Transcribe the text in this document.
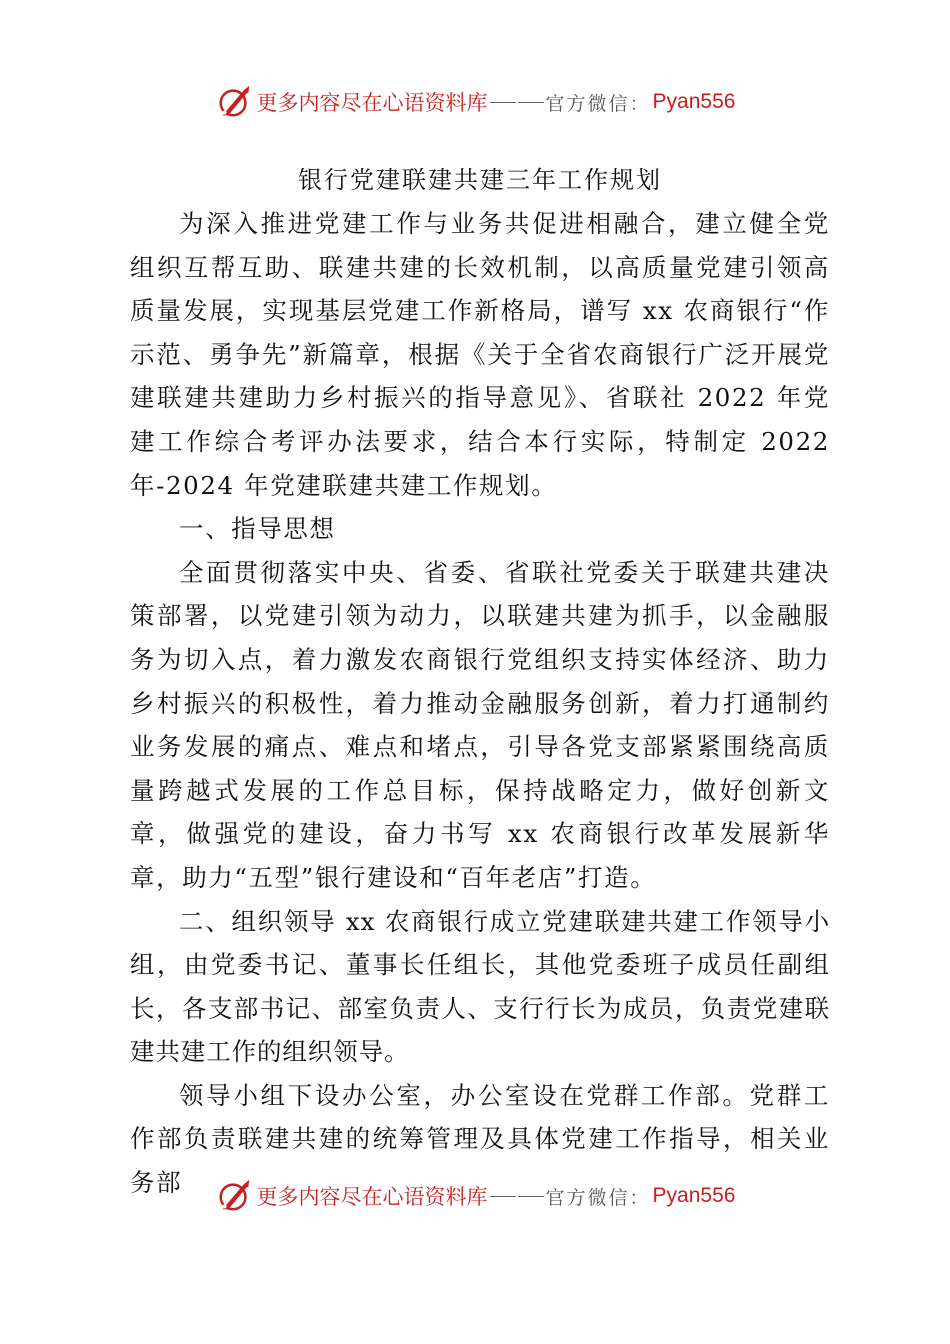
更多内容尽在心语资料库	官方微信： Pyan556
银行党建联建共建三年工作规划

为深入推进党建工作与业务共促进相融合，建立健全党组织互帮互助、联建共建的长效机制，以高质量党建引领高质量发展，实现基层党建工作新格局，谱写 xx 农商银行“作示范、勇争先”新篇章，根据《关于全省农商银行广泛开展党建联建共建助力乡村振兴的指导意见》、省联社 2022 年党建工作综合考评办法要求，结合本行实际，特制定 2022 年-2024 年党建联建共建工作规划。

一、指导思想

全面贯彻落实中央、省委、省联社党委关于联建共建决策部署，以党建引领为动力，以联建共建为抓手，以金融服务为切入点，着力激发农商银行党组织支持实体经济、助力乡村振兴的积极性，着力推动金融服务创新，着力打通制约业务发展的痛点、难点和堵点，引导各党支部紧紧围绕高质量跨越式发展的工作总目标，保持战略定力，做好创新文章，做强党的建设，奋力书写 xx 农商银行改革发展新华章，助力“五型”银行建设和“百年老店”打造。

二、组织领导 xx 农商银行成立党建联建共建工作领导小组，由党委书记、董事长任组长，其他党委班子成员任副组长，各支部书记、部室负责人、支行行长为成员，负责党建联建共建工作的组织领导。

领导小组下设办公室，办公室设在党群工作部。党群工作部负责联建共建的统筹管理及具体党建工作指导，相关业务部	更多内容尽在心语资料库	官方微信： Pyan556
